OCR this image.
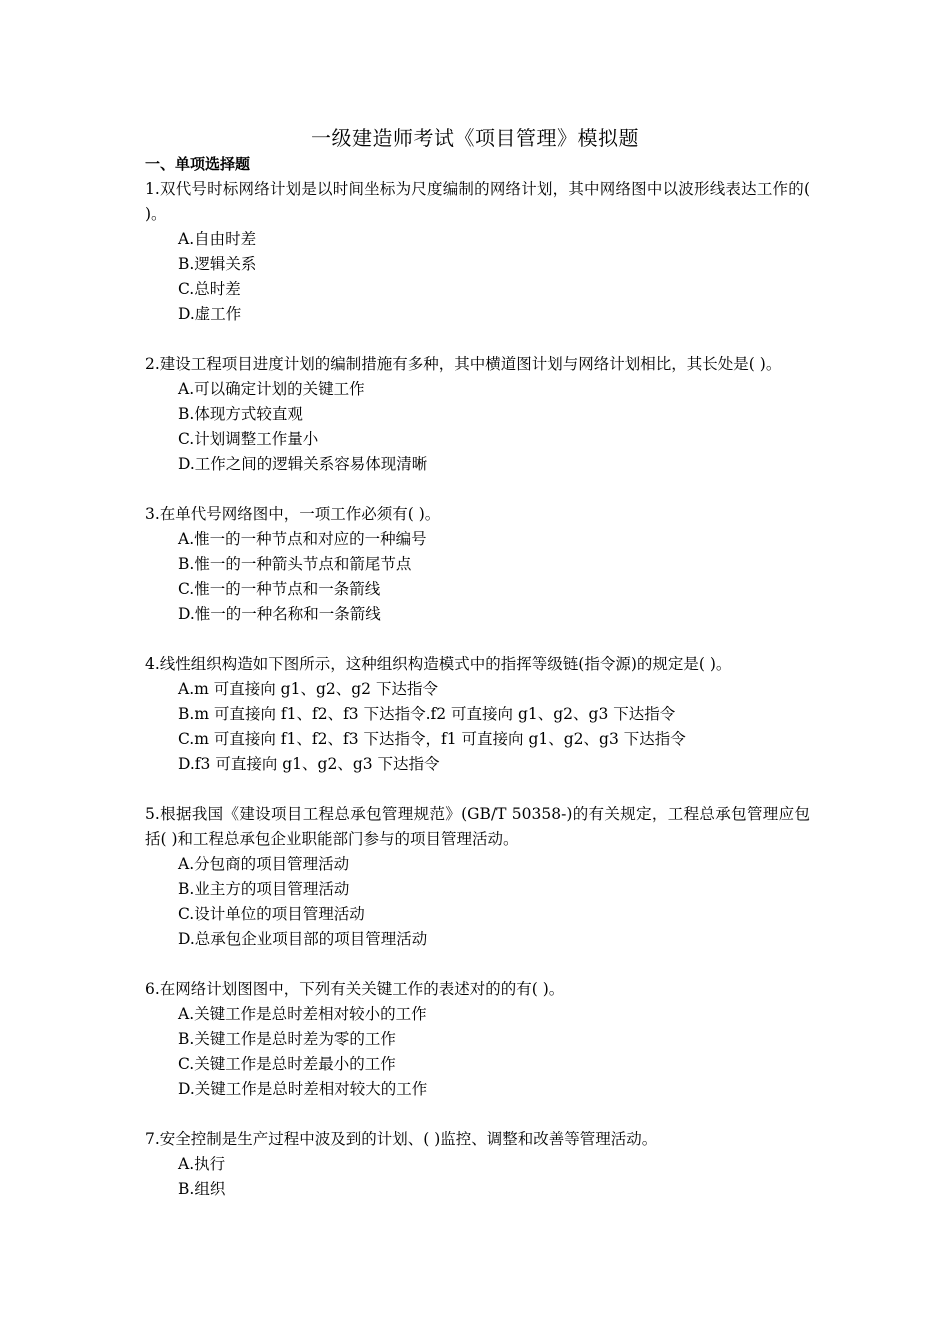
一级建造师考试《项目管理》模拟题
一、单项选择题
1.双代号时标网络计划是以时间坐标为尺度编制的网络计划，其中网络图中以波形线表达工作的( )。
A.自由时差
B.逻辑关系
C.总时差
D.虚工作
2.建设工程项目进度计划的编制措施有多种，其中横道图计划与网络计划相比，其长处是( )。
A.可以确定计划的关键工作
B.体现方式较直观
C.计划调整工作量小
D.工作之间的逻辑关系容易体现清晰
3.在单代号网络图中，一项工作必须有( )。
A.惟一的一种节点和对应的一种编号
B.惟一的一种箭头节点和箭尾节点
C.惟一的一种节点和一条箭线
D.惟一的一种名称和一条箭线
4.线性组织构造如下图所示，这种组织构造模式中的指挥等级链(指令源)的规定是( )。
A.m 可直接向 g1、g2、g2 下达指令
B.m 可直接向 f1、f2、f3 下达指令.f2 可直接向 g1、g2、g3 下达指令
C.m 可直接向 f1、f2、f3 下达指令，f1 可直接向 g1、g2、g3 下达指令
D.f3 可直接向 g1、g2、g3 下达指令
5.根据我国《建设项目工程总承包管理规范》(GB/T 50358-)的有关规定，工程总承包管理应包括( )和工程总承包企业职能部门参与的项目管理活动。
A.分包商的项目管理活动
B.业主方的项目管理活动
C.设计单位的项目管理活动
D.总承包企业项目部的项目管理活动
6.在网络计划图图中，下列有关关键工作的表述对的的有( )。
A.关键工作是总时差相对较小的工作
B.关键工作是总时差为零的工作
C.关键工作是总时差最小的工作
D.关键工作是总时差相对较大的工作
7.安全控制是生产过程中波及到的计划、( )监控、调整和改善等管理活动。
A.执行
B.组织
